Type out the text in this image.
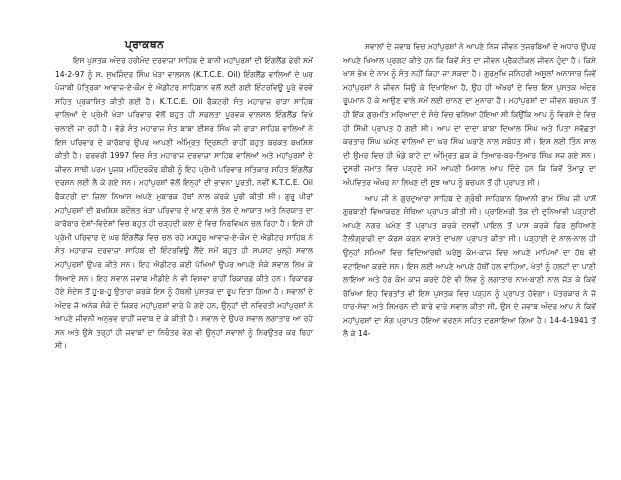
ਪ੍ਰਾਕਥਨ
ਇਸ ਪੁਸਤਕ ਅੰਦਰ ਹਰੀਮੰਦ ਦਰਵਾਜ਼ਾ ਸਾਹਿਬ ਦੇ ਬਾਨੀ ਮਹਾਂਪੁਰਸ਼ਾਂ ਦੀ ਇੰਗਲੈਂਡ ਫੇਰੀ ਸਮੇਂ 14-2-97 ਨੂੰ ਸ. ਸੁਖਜਿੰਦਰ ਸਿੰਘ ਖੇੜਾ ਵਾਲਸਲ (K.T.C.E. Oil) ਇੰਗਲੈਂਡ ਵਾਲਿਆਂ ਦੇ ਘਰ ਪੰਜਾਬੀ ਪੱਤ੍ਰਿਕਾ ਆਵਾਜ਼-ਏ-ਕੌਮ ਦੇ ਐਡੀਟਰ ਸਾਹਿਬਾਨ ਵਲੋਂ ਲਈ ਗਈ ਇੰਟਰਵਿਊ ਪੂਰੇ ਵੇਰਵੇ ਸਹਿਤ ਪ੍ਰਕਾਸ਼ਿਤ ਕੀਤੀ ਗਈ ਹੈ। K.T.C.E. Oil ਫੈਕਟਰੀ ਸੰਤ ਮਹਾਰਾਜ ਰਾੜਾ ਸਾਹਿਬ ਵਾਲਿਆਂ ਦੇ ਪ੍ਰੇਮੀ ਖੇੜਾ ਪਰਿਵਾਰ ਵੱਲੋਂ ਬਹੁਤ ਹੀ ਸਫਲਤਾ ਪੂਰਵਕ ਵਾਲਸਲ ਇੰਗਲੈਂਡ ਵਿਖੇ ਚਲਾਈ ਜਾ ਰਹੀ ਹੈ। ਵੱਡੇ ਸੰਤ ਮਹਾਰਾਜ ਸੰਤ ਬਾਬਾ ਈਸ਼ਰ ਸਿੰਘ ਜੀ ਰਾੜਾ ਸਾਹਿਬ ਵਾਲਿਆਂ ਨੇ ਇਸ ਪਰਿਵਾਰ ਦੇ ਕਾਰੋਬਾਰ ਉਪਰ ਆਪਣੀ ਅੰਮ੍ਰਿਤ ਦ੍ਰਿਸ਼ਟੀ ਰਾਹੀਂ ਬਹੁਤ ਬਰਕਤ ਬਖਸ਼ਿਸ਼ ਕੀਤੀ ਹੈ। ਫਰਵਰੀ 1997 ਵਿਚ ਸੰਤ ਮਹਾਰਾਜ ਦਰਵਾਜ਼ਾ ਸਾਹਿਬ ਵਾਲਿਆਂ ਅਤੇ ਮਹਾਂਪੁਰਸ਼ਾਂ ਦੇ ਜੀਵਨ ਸਾਥੀ ਪਰਮ ਪੂਜਯ ਮਹਿੰਦਰਕੌਰ ਬੀਬੀ ਨੂੰ ਇਹ ਪ੍ਰੇਮੀ ਪਰਿਵਾਰ ਸਤਿਕਾਰ ਸਹਿਤ ਇੰਗਲੈਂਡ ਦਰਸ਼ਨ ਲਈ ਲੈ ਕੇ ਗਏ ਸਨ। ਮਹਾਂਪੁਰਸ਼ਾਂ ਵੱਲੋਂ ਇਨ੍ਹਾਂ ਦੀ ਭਾਵਨਾ ਪੂਰਤੀ, ਨਵੀਂ K.T.C.E. Oil ਫੈਕਟਰੀ ਦਾ ਜ਼ਿਲਾ ਨਿਆਸ ਅਪਣੇ ਮੁਬਾਰਕ ਹੱਥਾਂ ਨਾਲ ਕਰਕੇ ਪੂਰੀ ਕੀਤੀ ਸੀ। ਗੁਰੂ ਪੀਰਾਂ ਮਹਾਂਪੁਰਸ਼ਾਂ ਦੀ ਬਖਸ਼ਿਸ਼ ਬਦੌਲਤ ਖੇੜਾ ਪਰਿਵਾਰ ਦੇ ਖਾਣ ਵਾਲੇ ਤੇਲ ਦੇ ਆਯਾਤ ਅਤੇ ਨਿਰਯਾਤ ਦਾ ਕਾਰੋਬਾਰ ਦੇਸ਼ਾਂ-ਵਿਦੇਸ਼ਾਂ ਵਿਚ ਬਹੁਤ ਹੀ ਚੜ੍ਹਦੀ ਕਲਾ ਦੇ ਵਿਚ ਨਿਰਵਿਘਨ ਚਲ ਰਿਹਾ ਹੈ। ਇਸੇ ਹੀ ਪ੍ਰੇਮੀ ਪਰਿਵਾਰ ਦੇ ਘਰ ਇੰਗਲੈਂਡ ਵਿਚ ਚਲ ਰਹੇ ਮਸ਼ਹੂਰ ਆਵਾਜ਼-ਏ-ਕੌਮ ਦੇ ਐਡੀਟਰ ਸਾਹਿਬ ਨੇ ਸੰਤ ਮਹਾਰਾਜ ਦਰਵਾਜ਼ਾ ਸਾਹਿਬ ਦੀ ਇੰਟਰਵਿਊ ਲੈਂਦੇ ਸਮੇਂ ਬਹੁਤ ਹੀ ਸਪਸ਼ਟ ਖੁਲ੍ਹੇ ਸਵਾਲ ਮਹਾਂਪੁਰਸ਼ਾਂ ਉਪਰ ਕੀਤੇ ਸਨ। ਇਹ ਐਡੀਟਰ ਕਈ ਪੱਖਿਆਂ ਉਪਰ ਆਪਣੇ ਸ਼ੰਕੇ ਸਵਾਲ ਲਿਖ ਕੇ ਲਿਆਏ ਸਨ। ਇਹ ਸਵਾਲ ਜਵਾਬ ਮੀਡੀਏ ਨੇ ਵੀ ਵਿਸ਼ਵਾ ਰਾਹੀਂ ਰਿਕਾਰਡ ਕੀਤੇ ਹਨ। ਰਿਕਾਰਡ ਹੋਏ ਸੰਦੇਸ ਤੋਂ ਹੂ-ਬ-ਹੂ ਉਤਾਰਾ ਕਰਕੇ ਇਸ ਨੂੰ ਹੱਥਲੀ ਪੁਸਤਕ ਦਾ ਰੂਪ ਦਿਤਾ ਗਿਆ ਹੈ। ਸਵਾਲਾਂ ਦੇ ਅੰਦਰ ਜੋ ਅਨੇਕ ਸ਼ੰਕੇ ਦੇ ਜ਼ਿਕਰ ਮਹਾਂਪੁਰਸ਼ਾਂ ਵਾਰੇ ਪੈ ਗਏ ਹਨ, ਉਨ੍ਹਾਂ ਦੀ ਨਵਿਰਤੀ ਮਹਾਂਪੁਰਸ਼ਾਂ ਨੇ ਆਪਣੇ ਜੀਵਨੀ ਅਨੁਭਵ ਰਾਹੀਂ ਜਵਾਬ ਦੇ ਕੇ ਕੀਤੀ ਹੈ। ਸਵਾਲ ਦੇ ਉਪਰ ਸਵਾਲ ਲਗਾਤਾਰ ਆ ਰਹੇ ਸਨ ਅਤੇ ਉਸੇ ਤਰ੍ਹਾਂ ਹੀ ਜਵਾਬਾਂ ਦਾ ਨਿਰੰਤਰ ਵੇਗ ਵੀ ਉਨ੍ਹਾਂ ਸਵਾਲਾਂ ਨੂੰ ਨਿਰਉਤਰ ਕਰ ਰਿਹਾ ਸੀ।

ਸਵਾਲਾਂ ਦੇ ਜਵਾਬ ਵਿਚ ਮਹਾਂਪੁਰਸ਼ਾਂ ਨੇ ਆਪਣੇ ਨਿਜ ਜੀਵਨ ਤਜਰਬਿਆਂ ਦੇ ਅਧਾਰ ਉਪਰ ਆਪਣੇ ਖਿਆਲ ਪ੍ਰਗਟ ਕੀਤੇ ਹਨ ਕਿ ਕਿਵੇਂ ਸੰਤ ਦਾ ਜੀਵਨ ਪ੍ਰੈਕਟੀਕਲ ਜੀਵਨ ਹੁੰਦਾ ਹੈ। ਕਿਸੇ ਖਾਸ ਭੇਖ ਦੇ ਨਾਮ ਨੂੰ ਸੰਤ ਨਹੀਂ ਕਿਹਾ ਜਾ ਸਕਦਾ ਹੈ। ਗੁਰਮੁਖਿ ਜਨਿਹਰੀ ਅਸੂਲਾਂ ਅਨਾਸਾਰ ਜਿਵੇਂ ਮਹਾਂਪੁਰਸ਼ਾਂ ਨੇ ਜੀਵਨ ਜਿਉ ਕੇ ਦਿਖਾਇਆ ਹੈ, ਉਹ ਹੀ ਅੱਖਰਾਂ ਦੇ ਵਿਚ ਇਸ ਪੁਸਤਕ ਅੰਦਰ ਰੂਪਮਾਨ ਹੋ ਕੇ ਆਉਣ ਵਾਲੇ ਸਮੇਂ ਲਈ ਚਾਨਣ ਦਾ ਮੁਨਾਰਾ ਹੈ। ਮਹਾਂਪੁਰਸ਼ਾਂ ਦਾ ਜੀਵਨ ਬਚਪਨ ਤੋਂ ਹੀ ਇੱਕ ਗੁਰਮਤਿ ਮਰਿਆਦਾ ਦੇ ਸੰਚੇ ਵਿਚ ਢਲਿਆ ਹੋਇਆ ਸੀ ਕਿਉਂਕਿ ਆਪ ਨੂੰ ਵਿਰਸੇ ਦੇ ਵਿਚ ਹੀ ਸਿੱਖੀ ਪ੍ਰਾਪਤ ਹੋ ਗਈ ਸੀ। ਆਪ ਦਾ ਦਾਦਾ ਬਾਬਾ ਦਿਆਲ ਸਿੰਘ ਅਤੇ ਪਿਤਾ ਸਵੱਛਤਾ ਕਰਤਾਰ ਸਿੰਘ ਘਮੇਣ ਵਾਲਿਆਂ ਦਾ ਘਰ ਸਿੰਘ ਘਰਾਣੇ ਨਾਲ ਸਬੰਧਤ ਸੀ। ਇਸ ਲਈ ਤਿੰਨ ਸਾਲ ਦੀ ਉਮਰ ਵਿਚ ਹੀ ਖੰਡੇ ਬਾਟੇ ਦਾ ਅੰਮ੍ਰਿਤ ਛਕ ਕੇ ਤਿਆਰ-ਬਰ-ਤਿਆਰ ਸਿੰਘ ਸਜ ਗਏ ਸਨ। ਦੂਸਰੀ ਜਮਾਤ ਵਿਚ ਪੜ੍ਹਦੇ ਸਮੇਂ ਆਪਣੀ ਮਿਸਾਲ ਆਪ ਦਿੰਦੇ ਹਨ ਕਿ ਕਿਵੇਂ ਤੰਮਾਕੂ ਦਾ ਅੰਪਵਿਤਰ ਔਖਰ ਨਾ ਲਿਖਣ ਦੀ ਸੂਝ ਆਪ ਨੂੰ ਬਚਪਨ ਤੋਂ ਹੀ ਪ੍ਰਾਪਤ ਸੀ।

ਆਪ ਜੀ ਨੇ ਗੁਰਦੁਆਰਾ ਸਾਹਿਬ ਦੇ ਗ੍ਰੰਥੀ ਸਾਹਿਬਾਨ ਗਿਆਨੀ ਰਾਮ ਸਿੰਘ ਜੀ ਪਾਸੋਂ ਗੁਰਬਾਣੀ ਵਿਆਕਰਣ ਸੰਥਿਆ ਪ੍ਰਾਪਤ ਕੀਤੀ ਸੀ। ਪ੍ਰਾਇਮਰੀ ਤੱਕ ਦੀ ਦੁਨਿਆਵੀ ਪੜ੍ਹਾਈ ਆਪਣੇ ਨਗਰ ਘਮੇਣ ਤੋਂ ਪ੍ਰਾਪਤ ਕਰਕੇ ਦਸਵੀਂ ਪਾਇਲ ਤੋਂ ਪਾਸ ਕਰਕੇ ਫਿਰ ਲੁਧਿਆਣੇ ਟੈਲੀਗ੍ਰਾਫੀ ਦਾ ਕੋਰਸ ਕਰਨ ਵਾਸਤੇ ਦਾਖਲਾ ਪ੍ਰਾਪਤ ਕੀਤਾ ਸੀ। ਪੜ੍ਹਾਈ ਦੇ ਨਾਲ-ਨਾਲ ਹੀ ਉਨ੍ਹਾਂ ਸਮਿਆਂ ਵਿਚ ਵਿਦਿਆਰਥੀ ਘਰੇਲੂ ਕੰਮ-ਕਾਜ ਵਿਚ ਆਪਣੇ ਮਾਪਿਆਂ ਦਾ ਹੱਥ ਵੀ ਵਟਾਇਆ ਕਰਦੇ ਸਨ। ਇਸ ਲਈ ਆਪਣੇ ਆਪਣੇ ਹੱਥੀਂ ਹਲ ਵਾਹਿਆ, ਖੇਤਾਂ ਨੂੰ ਹਲਟਾਂ ਦਾ ਪਾਣੀ ਲਾਇਆ ਅਤੇ ਹੋਰ ਕੰਮ ਕਾਜ ਕਰਦੇ ਹੋਏ ਵੀ ਲਿਵ ਨੂੰ ਲਗਾਤਾਰ ਨਾਮ-ਬਾਣੀ ਨਾਲ ਜੋੜ ਕੇ ਕਿਵੇਂ ਰੱਖਿਆ ਇਹ ਵਿਰਤਾਂਤ ਵੀ ਇਸ ਪੁਸਤਕ ਵਿਚ ਪੜ੍ਹਨ ਨੂੰ ਪ੍ਰਾਪਤ ਹੋਵੇਗਾ। ਪੱਤਰਕਾਰ ਨੇ ਜੋ ਧਾਰ-ਸੇਵਾ ਅਤੇ ਸਿਮਰਨ ਦੀ ਬਾਰੇ ਵਾਰੇ ਸਵਾਲ ਕੀਤਾ ਸੀ, ਉਸ ਦੇ ਜਵਾਬ ਅੰਦਰ ਆਪ ਨੇ ਕਿਵੇਂ ਮਹਾਂਪੁਰਸ਼ਾਂ ਦਾ ਸੰਗ ਪ੍ਰਾਪਤ ਹੋਇਆ ਵਰਣਨ ਸਹਿਤ ਦਰਸਾਇਆ ਗਿਆ ਹੈ। 14-4-1941 ਤੋਂ ਲੈ ਕੇ 14-
